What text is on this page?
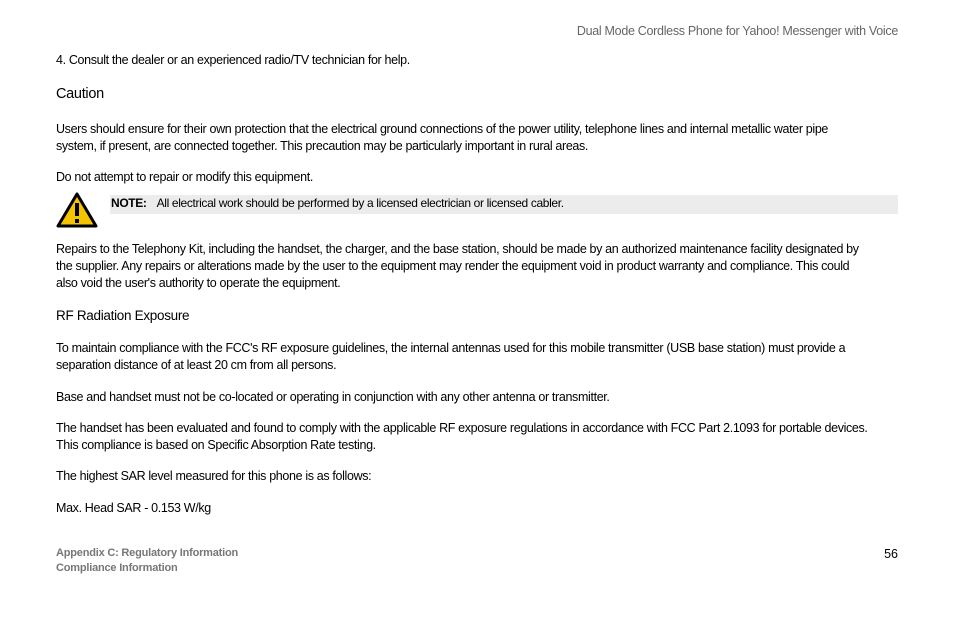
Dual Mode Cordless Phone for Yahoo! Messenger with Voice
4. Consult the dealer or an experienced radio/TV technician for help.
Caution
Users should ensure for their own protection that the electrical ground connections of the power utility, telephone lines and internal metallic water pipe
system, if present, are connected together. This precaution may be particularly important in rural areas.
Do not attempt to repair or modify this equipment.
NOTE: All electrical work should be performed by a licensed electrician or licensed cabler.
Repairs to the Telephony Kit, including the handset, the charger, and the base station, should be made by an authorized maintenance facility designated by
the supplier. Any repairs or alterations made by the user to the equipment may render the equipment void in product warranty and compliance. This could
also void the user's authority to operate the equipment.
RF Radiation Exposure
To maintain compliance with the FCC's RF exposure guidelines, the internal antennas used for this mobile transmitter (USB base station) must provide a
separation distance of at least 20 cm from all persons.
Base and handset must not be co-located or operating in conjunction with any other antenna or transmitter.
The handset has been evaluated and found to comply with the applicable RF exposure regulations in accordance with FCC Part 2.1093 for portable devices.
This compliance is based on Specific Absorption Rate testing.
The highest SAR level measured for this phone is as follows:
Max. Head SAR - 0.153 W/kg
Appendix C: Regulatory Information
Compliance Information
56
